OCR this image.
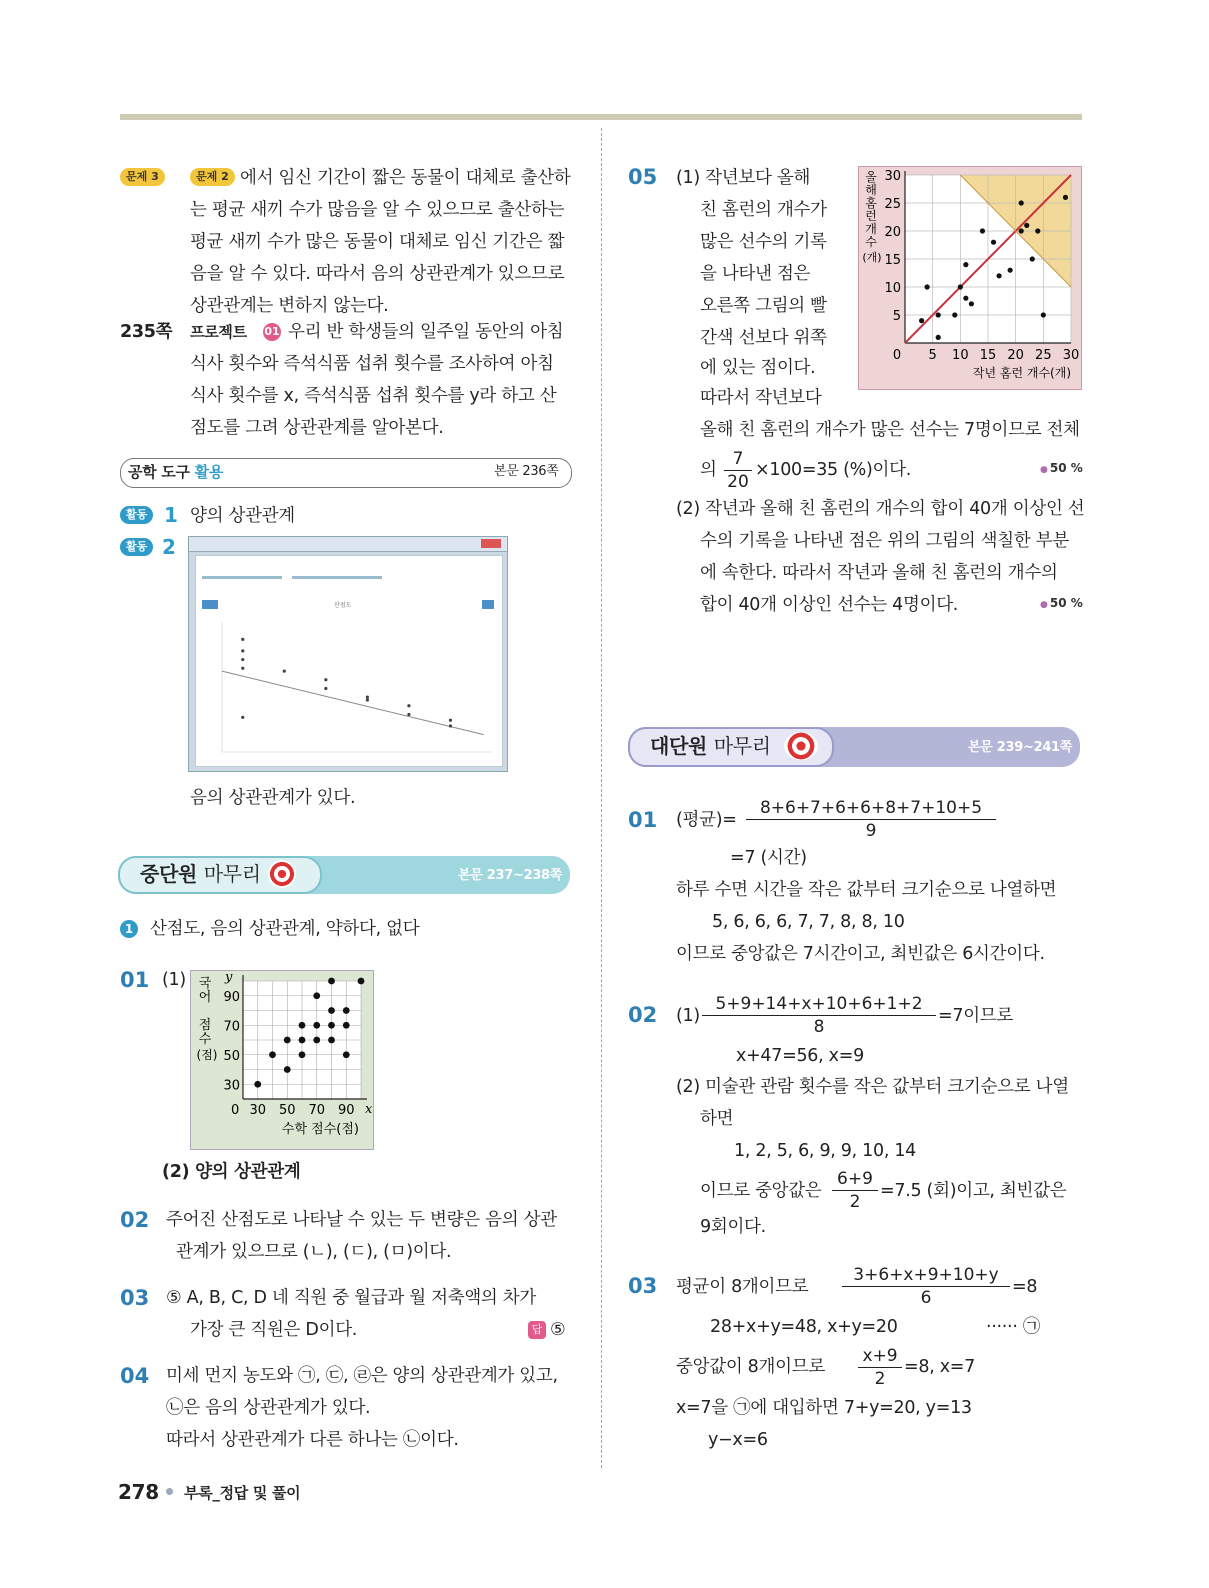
문제 3	문제 2 에서 임신 기간이 짧은 동물이 대체로 출산하
는 평균 새끼 수가 많음을 알 수 있으므로 출산하는
평균 새끼 수가 많은 동물이 대체로 임신 기간은 짧
음을 알 수 있다. 따라서 음의 상관관계가 있으므로
상관관계는 변하지 않는다.
235쪽 프로젝트 01 우리 반 학생들의 일주일 동안의 아침
식사 횟수와 즉석식품 섭취 횟수를 조사하여 아침
식사 횟수를 x, 즉석식품 섭취 횟수를 y라 하고 산
점도를 그려 상관관계를 알아본다.
공학 도구 활용	본문 236쪽
활동 1 양의 상관관계
활동 2
산점도
음의 상관관계가 있다.
중단원 마무리	본문 237~238쪽
1 산점도, 음의 상관관계, 약하다, 없다
01 (1)
30 50 70 90
30
50
70
90
0	x
y
수학 점수(점)
국
어
점
수
(점)
(2) 양의 상관관계
02 주어진 산점도로 나타날 수 있는 두 변량은 음의 상관
관계가 있으므로 (ㄴ), (ㄷ), (ㅁ)이다.
03 ⑤ A, B, C, D 네 직원 중 월급과 월 저축액의 차가
가장 큰 직원은 D이다.	답 ⑤
04 미세 먼지 농도와 ㉠, ㉢, ㉣은 양의 상관관계가 있고,
㉡은 음의 상관관계가 있다.
따라서 상관관계가 다른 하나는 ㉡이다.
278 부록_정답 및 풀이
05 (1) 작년보다 올해
친 홈런의 개수가
많은 선수의 기록
을 나타낸 점은
오른쪽 그림의 빨
간색 선보다 위쪽
에 있는 점이다.
따라서 작년보다
올해 친 홈런의 개수가 많은 선수는 7명이므로 전체
5 10 15 20 25 30
0
5
10
15
20
25
30
작년 홈런 개수(개)
올
해
홈
런
개
수
(개)
의 $\frac{7}{20} \times 100=35$ (%)이다.	● 50 %
(2) 작년과 올해 친 홈런의 개수의 합이 40개 이상인 선
수의 기록을 나타낸 점은 위의 그림의 색칠한 부분
에 속한다. 따라서 작년과 올해 친 홈런의 개수의
합이 40개 이상인 선수는 4명이다.	● 50 %
대단원 마무리	본문 239~241쪽
01 (평균)= $\frac{8+6+7+6+6+8+7+10+5}{9}$
=7 (시간)
하루 수면 시간을 작은 값부터 크기순으로 나열하면
5, 6, 6, 6, 7, 7, 8, 8, 10
이므로 중앙값은 7시간이고, 최빈값은 6시간이다.
02 $(1) \frac{5+9+14+x+10+6+1+2}{8} =7$이므로
x+47=56, x=9
(2) 미술관 관람 횟수를 작은 값부터 크기순으로 나열
하면
1, 2, 5, 6, 9, 9, 10, 14
이므로 중앙값은 $\frac{6+9}{2} =7.5$ (회)이고, 최빈값은
9회이다.
03 평균이 8개이므로 $\frac{3+6+x+9+10+y}{6} =8$
28+x+y=48, x+y=20	······ ㉠
중앙값이 8개이므로 $\frac{x+9}{2} =8$, x=7
x=7을 ㉠에 대입하면 7+y=20, y=13
y−x=6
